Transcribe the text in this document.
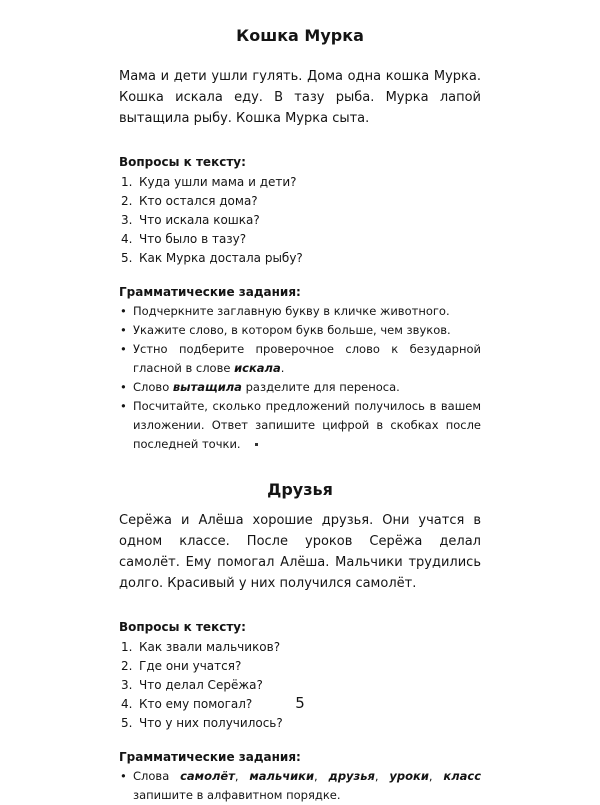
Кошка Мурка

Мама и дети ушли гулять. Дома одна кошка Мурка. Кошка искала еду. В тазу рыба. Мурка лапой вытащила рыбу. Кошка Мурка сыта.

Вопросы к тексту:

1. Куда ушли мама и дети?
2. Кто остался дома?
3. Что искала кошка?
4. Что было в тазу?
5. Как Мурка достала рыбу?

Грамматические задания:

• Подчеркните заглавную букву в кличке животного.
• Укажите слово, в котором букв больше, чем звуков.
• Устно подберите проверочное слово к безударной гласной в слове искала.
• Слово вытащила разделите для переноса.
• Посчитайте, сколько предложений получилось в вашем изложении. Ответ запишите цифрой в скобках после последней точки.
Друзья

Серёжа и Алёша хорошие друзья. Они учатся в одном классе. После уроков Серёжа делал самолёт. Ему помогал Алёша. Мальчики трудились долго. Красивый у них получился самолёт.

Вопросы к тексту:

1. Как звали мальчиков?
2. Где они учатся?
3. Что делал Серёжа?
4. Кто ему помогал?
5. Что у них получилось?

Грамматические задания:

• Слова самолёт, мальчики, друзья, уроки, класс запишите в алфавитном порядке.
5
